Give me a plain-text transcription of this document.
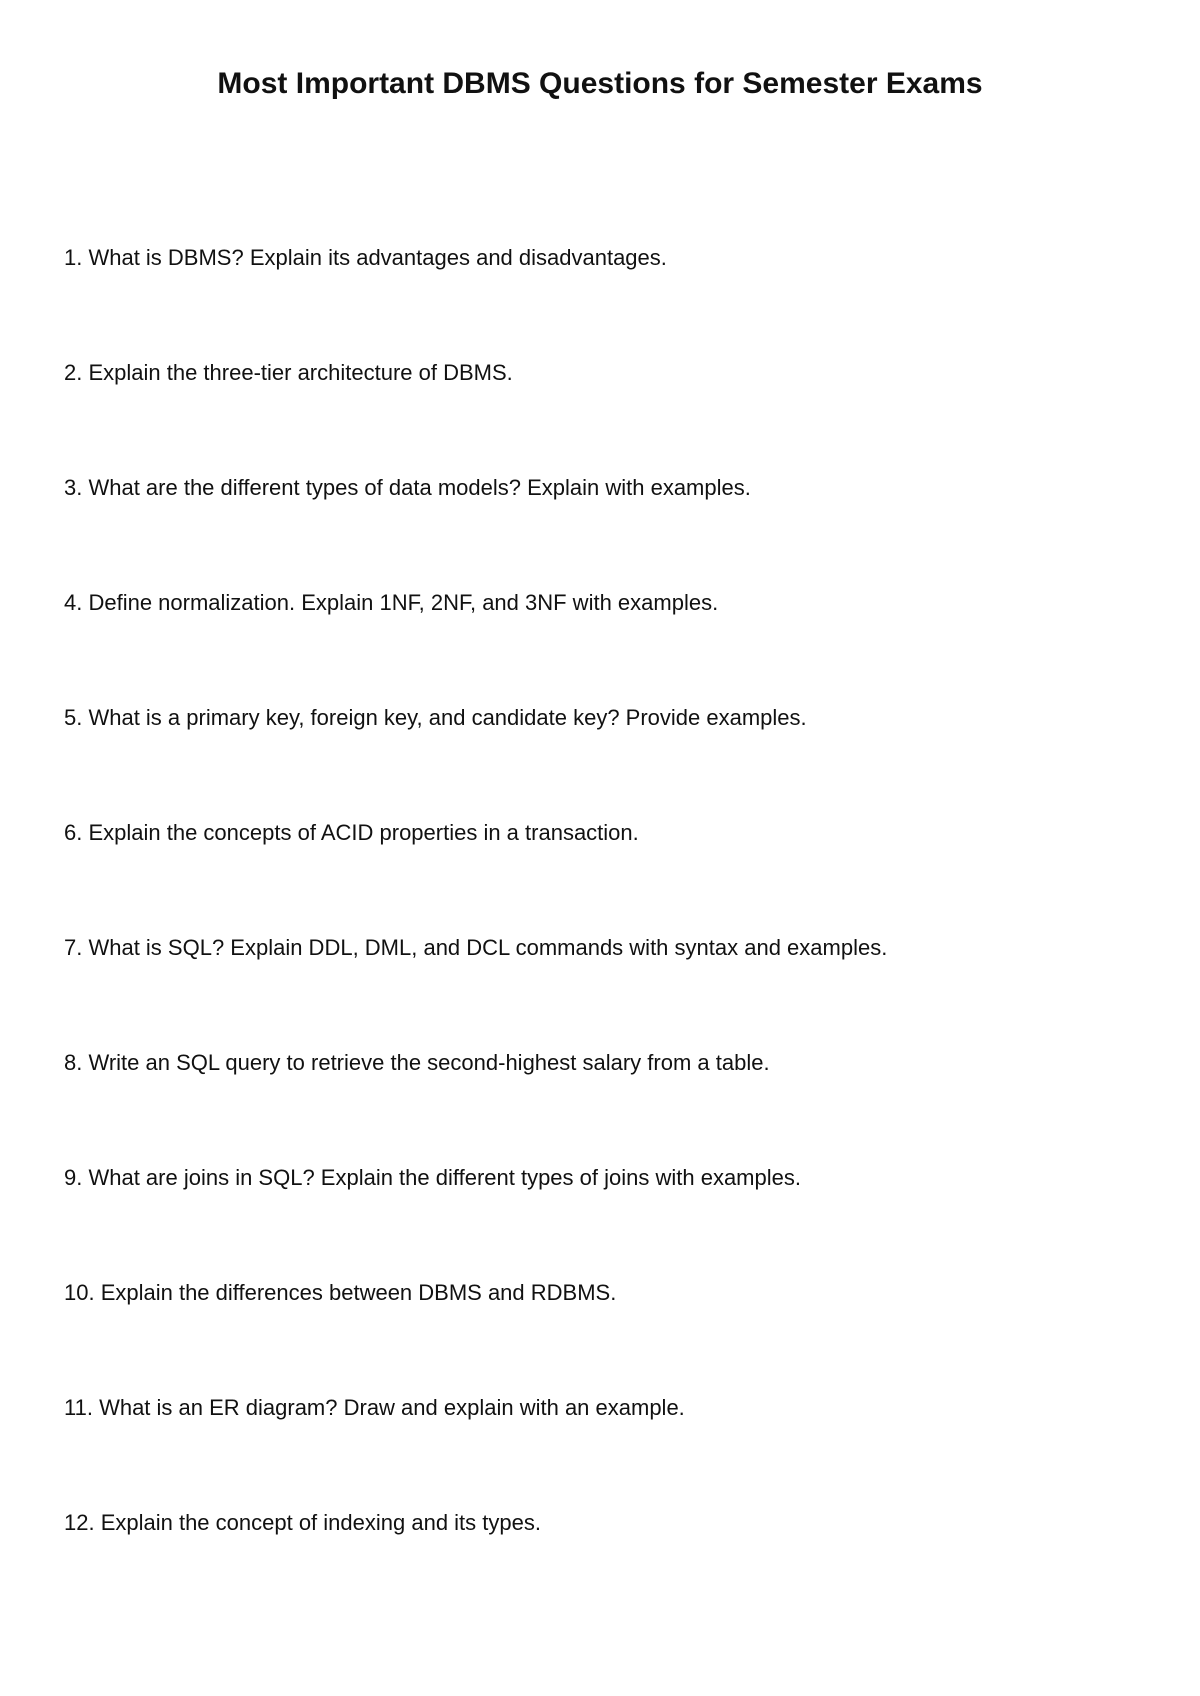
Most Important DBMS Questions for Semester Exams
1. What is DBMS? Explain its advantages and disadvantages.
2. Explain the three-tier architecture of DBMS.
3. What are the different types of data models? Explain with examples.
4. Define normalization. Explain 1NF, 2NF, and 3NF with examples.
5. What is a primary key, foreign key, and candidate key? Provide examples.
6. Explain the concepts of ACID properties in a transaction.
7. What is SQL? Explain DDL, DML, and DCL commands with syntax and examples.
8. Write an SQL query to retrieve the second-highest salary from a table.
9. What are joins in SQL? Explain the different types of joins with examples.
10. Explain the differences between DBMS and RDBMS.
11. What is an ER diagram? Draw and explain with an example.
12. Explain the concept of indexing and its types.
